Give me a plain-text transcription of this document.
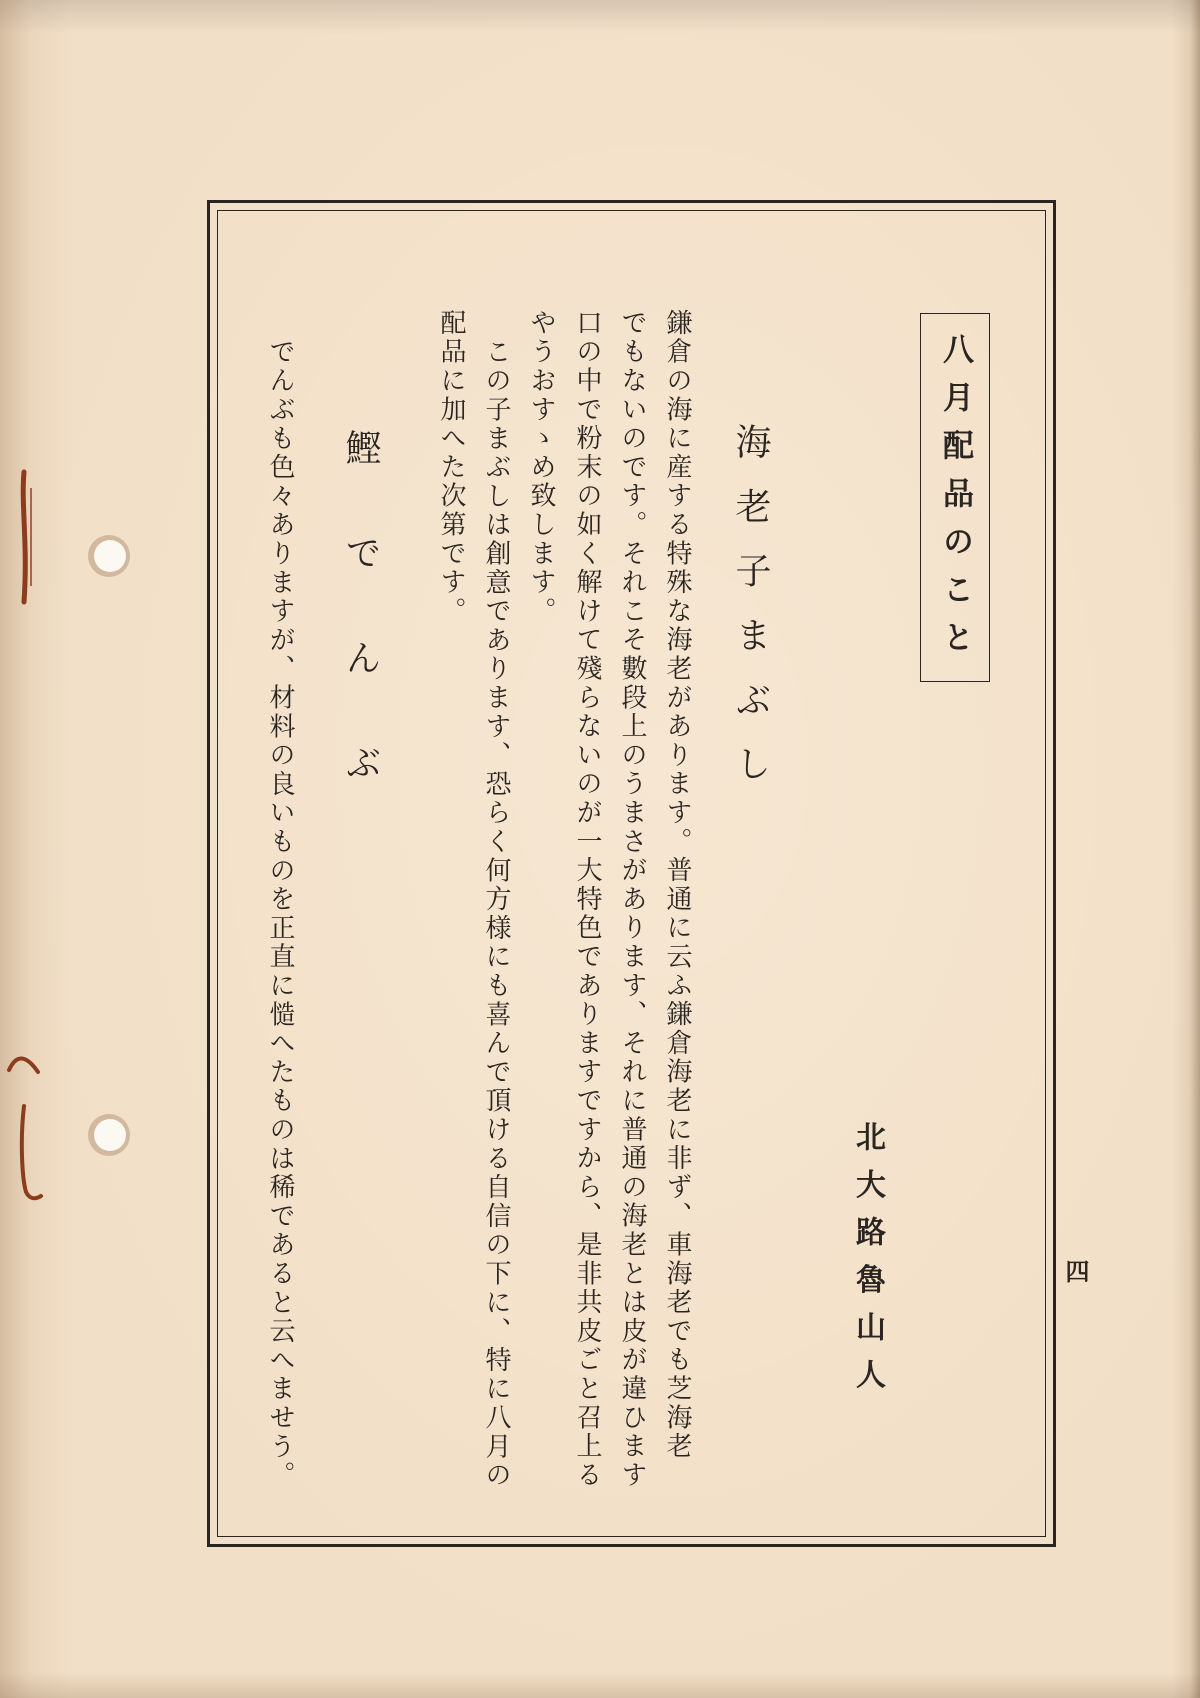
八月配品のこと
北大路魯山人	四
海老子まぶし
鎌倉の海に産する特殊な海老があります。普通に云ふ鎌倉海老に非ず、車海老でも芝海老
でもないのです。それこそ數段上のうまさがあります、それに普通の海老とは皮が違ひます
口の中で粉末の如く解けて殘らないのが一大特色でありますですから、是非共皮ごと召上る
やうおすゝめ致します。
この子まぶしは創意であります、恐らく何方様にも喜んで頂ける自信の下に、特に八月の
配品に加へた次第です。
鰹でんぶ
でんぶも色々ありますが、材料の良いものを正直に慥へたものは稀であると云へませう。
